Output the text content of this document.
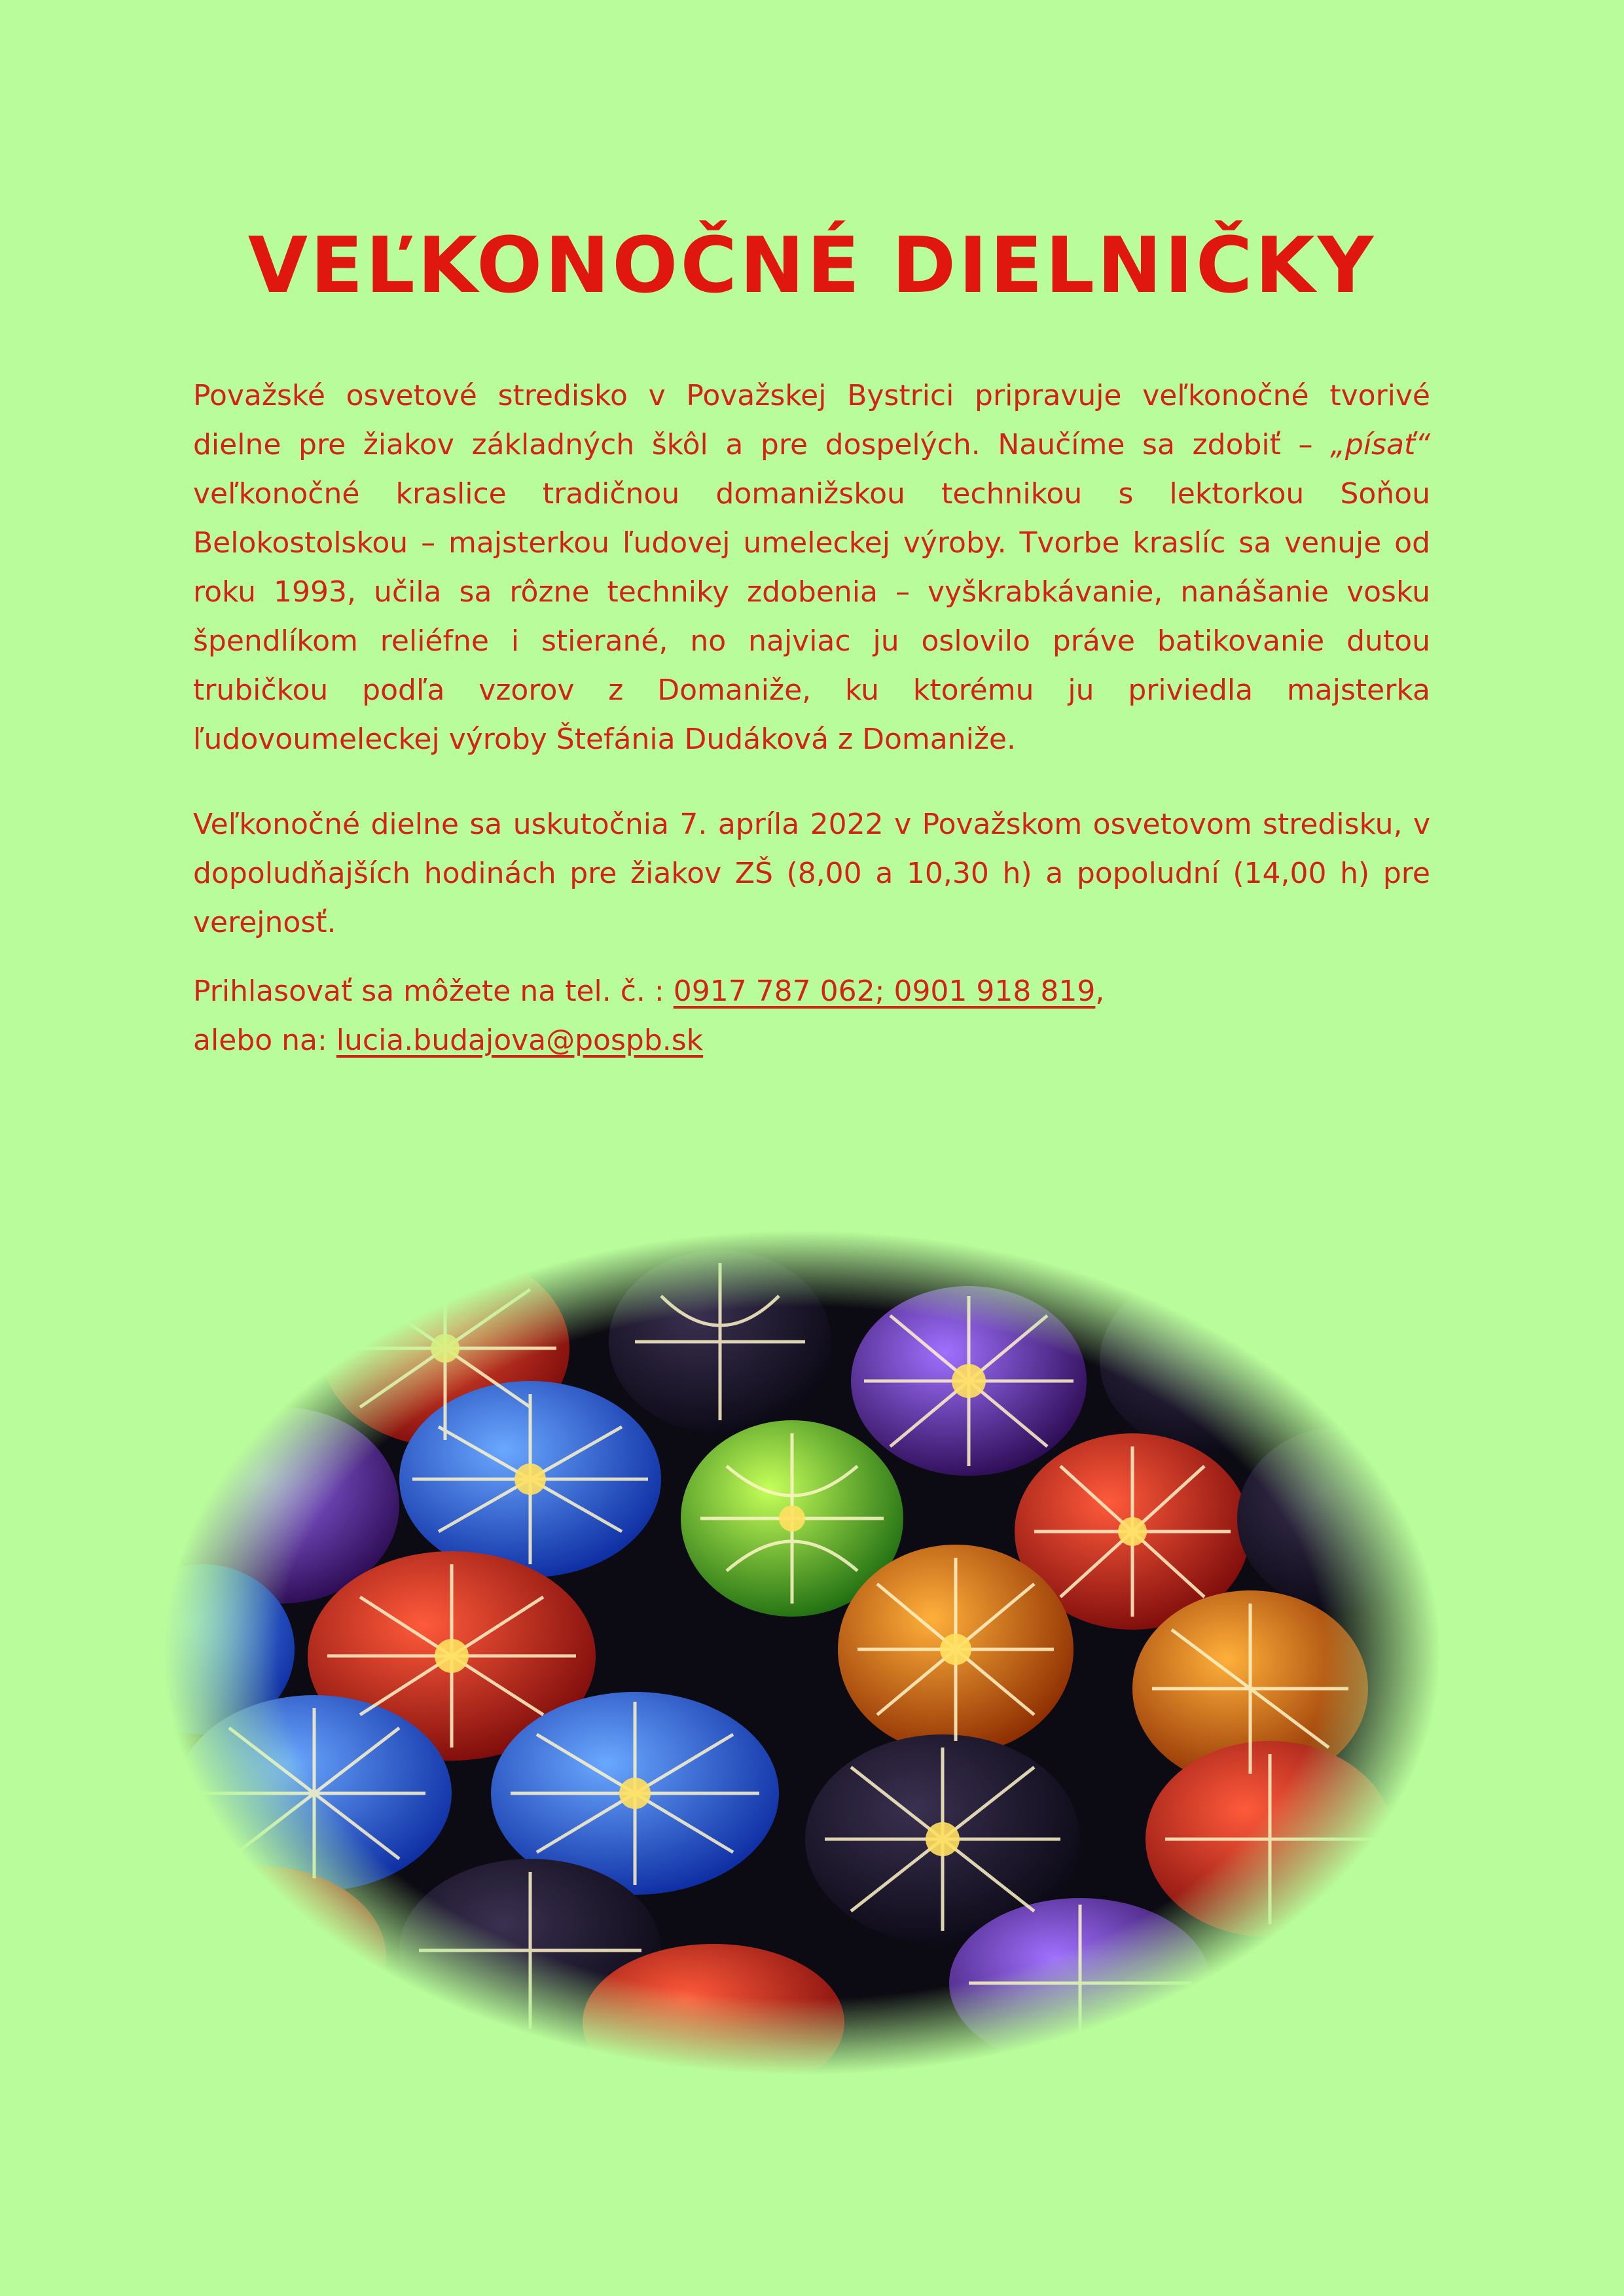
VEĽKONOČNÉ DIELNIČKY

Považské osvetové stredisko v Považskej Bystrici pripravuje veľkonočné tvorivé dielne pre žiakov základných škôl a pre dospelých. Naučíme sa zdobiť – „písať“ veľkonočné kraslice tradičnou domanižskou technikou s lektorkou Soňou Belokostolskou – majsterkou ľudovej umeleckej výroby. Tvorbe kraslíc sa venuje od roku 1993, učila sa rôzne techniky zdobenia – vyškrabkávanie, nanášanie vosku špendlíkom reliéfne i stierané, no najviac ju oslovilo práve batikovanie dutou trubičkou podľa vzorov z Domaniže, ku ktorému ju priviedla majsterka ľudovoumeleckej výroby Štefánia Dudáková z Domaniže.

Veľkonočné dielne sa uskutočnia 7. apríla 2022 v Považskom osvetovom stredisku, v dopoludňajších hodinách pre žiakov ZŠ (8,00 a 10,30 h) a popoludní (14,00 h) pre verejnosť.

Prihlasovať sa môžete na tel. č. : 0917 787 062; 0901 918 819,
alebo na: lucia.budajova@pospb.sk
